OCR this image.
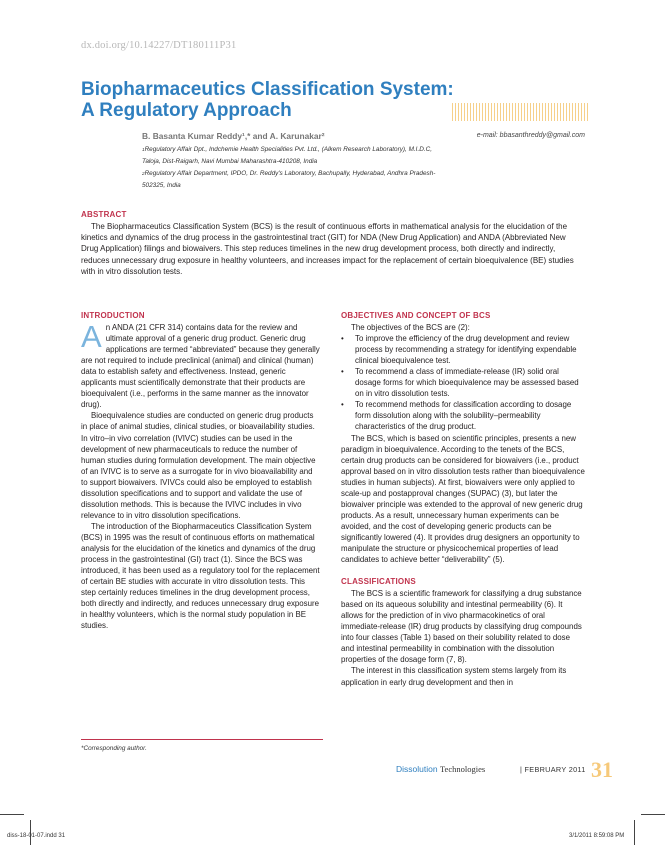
dx.doi.org/10.14227/DT180111P31
Biopharmaceutics Classification System: A Regulatory Approach
B. Basanta Kumar Reddy¹,* and A. Karunakar²	e-mail: bbasanthreddy@gmail.com
$^1$Regulatory Affair Dpt., Indchemie Health Specialities Pvt. Ltd., (Alkem Research Laboratory), M.I.D.C, Taloja, Dist-Raigarh, Navi Mumbai Maharashtra-410208, India
$^2$Regulatory Affair Department, IPDO, Dr. Reddy's Laboratory, Bachupally, Hyderabad, Andhra Pradesh-502325, India
ABSTRACT

The Biopharmaceutics Classification System (BCS) is the result of continuous efforts in mathematical analysis for the elucidation of the kinetics and dynamics of the drug process in the gastrointestinal tract (GIT) for NDA (New Drug Application) and ANDA (Abbreviated New Drug Application) filings and biowaivers. This step reduces timelines in the new drug development process, both directly and indirectly, reduces unnecessary drug exposure in healthy volunteers, and increases impact for the replacement of certain bioequivalence (BE) studies with in vitro dissolution tests.

INTRODUCTION

An ANDA (21 CFR 314) contains data for the review and ultimate approval of a generic drug product. Generic drug applications are termed “abbreviated” because they generally are not required to include preclinical (animal) and clinical (human) data to establish safety and effectiveness. Instead, generic applicants must scientifically demonstrate that their products are bioequivalent (i.e., performs in the same manner as the innovator drug).

Bioequivalence studies are conducted on generic drug products in place of animal studies, clinical studies, or bioavailability studies. In vitro–in vivo correlation (IVIVC) studies can be used in the development of new pharmaceuticals to reduce the number of human studies during formulation development. The main objective of an IVIVC is to serve as a surrogate for in vivo bioavailability and to support biowaivers. IVIVCs could also be employed to establish dissolution specifications and to support and validate the use of dissolution methods. This is because the IVIVC includes in vivo relevance to in vitro dissolution specifications.

The introduction of the Biopharmaceutics Classification System (BCS) in 1995 was the result of continuous efforts on mathematical analysis for the elucidation of the kinetics and dynamics of the drug process in the gastrointestinal (GI) tract (1). Since the BCS was introduced, it has been used as a regulatory tool for the replacement of certain BE studies with accurate in vitro dissolution tests. This step certainly reduces timelines in the drug development process, both directly and indirectly, and reduces unnecessary drug exposure in healthy volunteers, which is the normal study population in BE studies.

OBJECTIVES AND CONCEPT OF BCS

The objectives of the BCS are (2):

• To improve the efficiency of the drug development and review process by recommending a strategy for identifying expendable clinical bioequivalence test.
• To recommend a class of immediate-release (IR) solid oral dosage forms for which bioequivalence may be assessed based on in vitro dissolution tests.
• To recommend methods for classification according to dosage form dissolution along with the solubility–permeability characteristics of the drug product.

The BCS, which is based on scientific principles, presents a new paradigm in bioequivalence. According to the tenets of the BCS, certain drug products can be considered for biowaivers (i.e., product approval based on in vitro dissolution tests rather than bioequivalence studies in human subjects). At first, biowaivers were only applied to scale-up and postapproval changes (SUPAC) (3), but later the biowaiver principle was extended to the approval of new generic drug products. As a result, unnecessary human experiments can be avoided, and the cost of developing generic products can be significantly lowered (4). It provides drug designers an opportunity to manipulate the structure or physicochemical properties of lead candidates to achieve better “deliverability” (5).

CLASSIFICATIONS

The BCS is a scientific framework for classifying a drug substance based on its aqueous solubility and intestinal permeability (6). It allows for the prediction of in vivo pharmacokinetics of oral immediate-release (IR) drug products by classifying drug compounds into four classes (Table 1) based on their solubility related to dose and intestinal permeability in combination with the dissolution properties of the dosage form (7, 8).

The interest in this classification system stems largely from its application in early drug development and then in

*Corresponding author.
Dissolution Technologies	| FEBRUARY 2011 31
diss-18-01-07.indd 31	3/1/2011 8:59:08 PM
